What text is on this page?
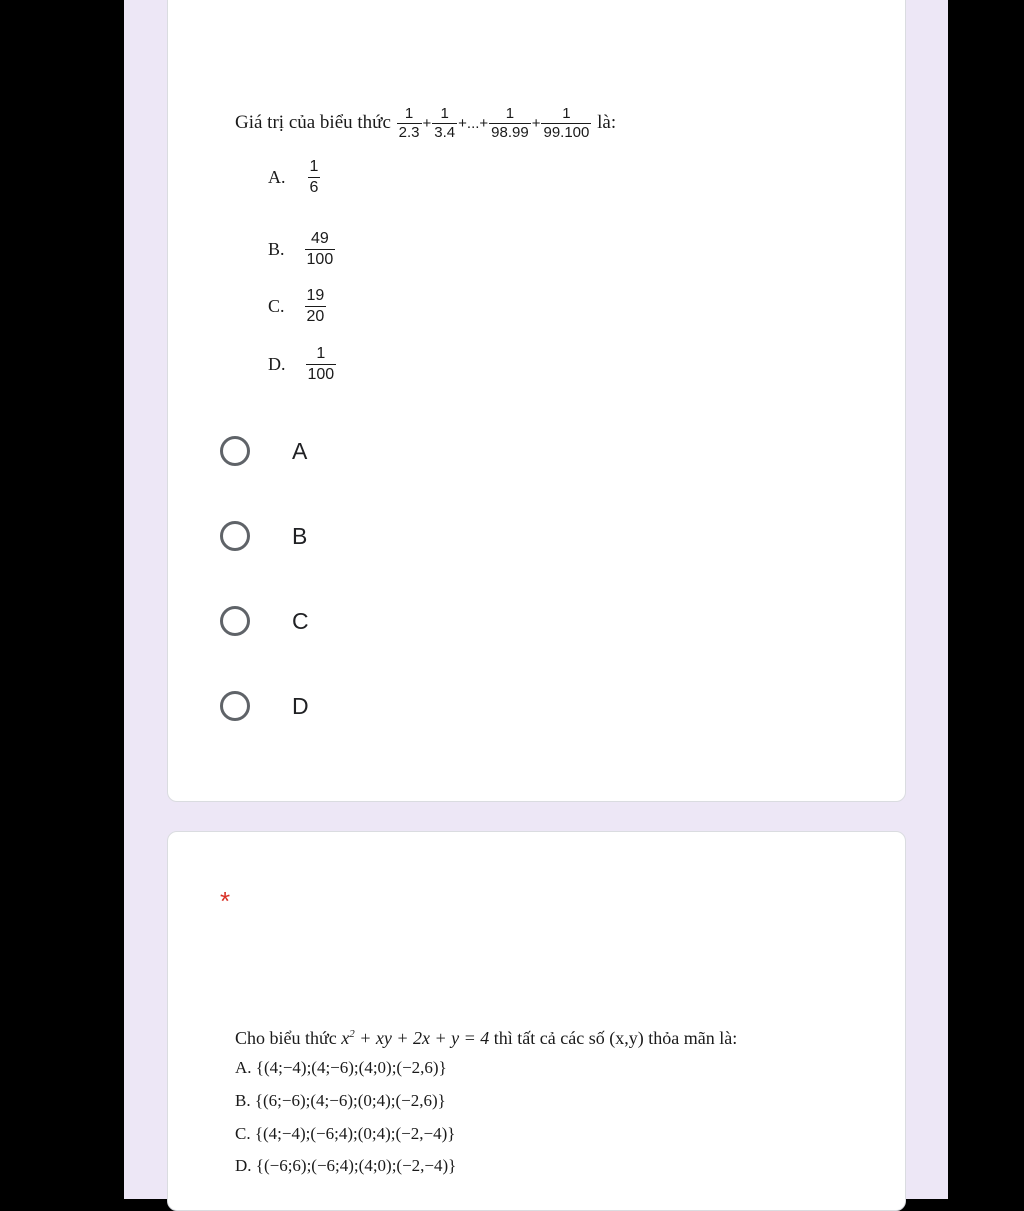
Giá trị của biểu thức $\frac{1}{2.3} + \frac{1}{3.4}$ +...+ $\frac{1}{98.99} + \frac{1}{99.100}$ là:
A. $\frac{1}{6}$
B. $\frac{49}{100}$
C. $\frac{19}{20}$
D. $\frac{1}{100}$
A
B
C
D
*
Cho biểu thức $x^2$ + xy + 2x + y = 4 thì tất cả các số (x,y) thỏa mãn là:
A. {(4;−4);(4;−6);(4;0);(−2,6)}
B. {(6;−6);(4;−6);(0;4);(−2,6)}
C. {(4;−4);(−6;4);(0;4);(−2,−4)}
D. {(−6;6);(−6;4);(4;0);(−2,−4)}
